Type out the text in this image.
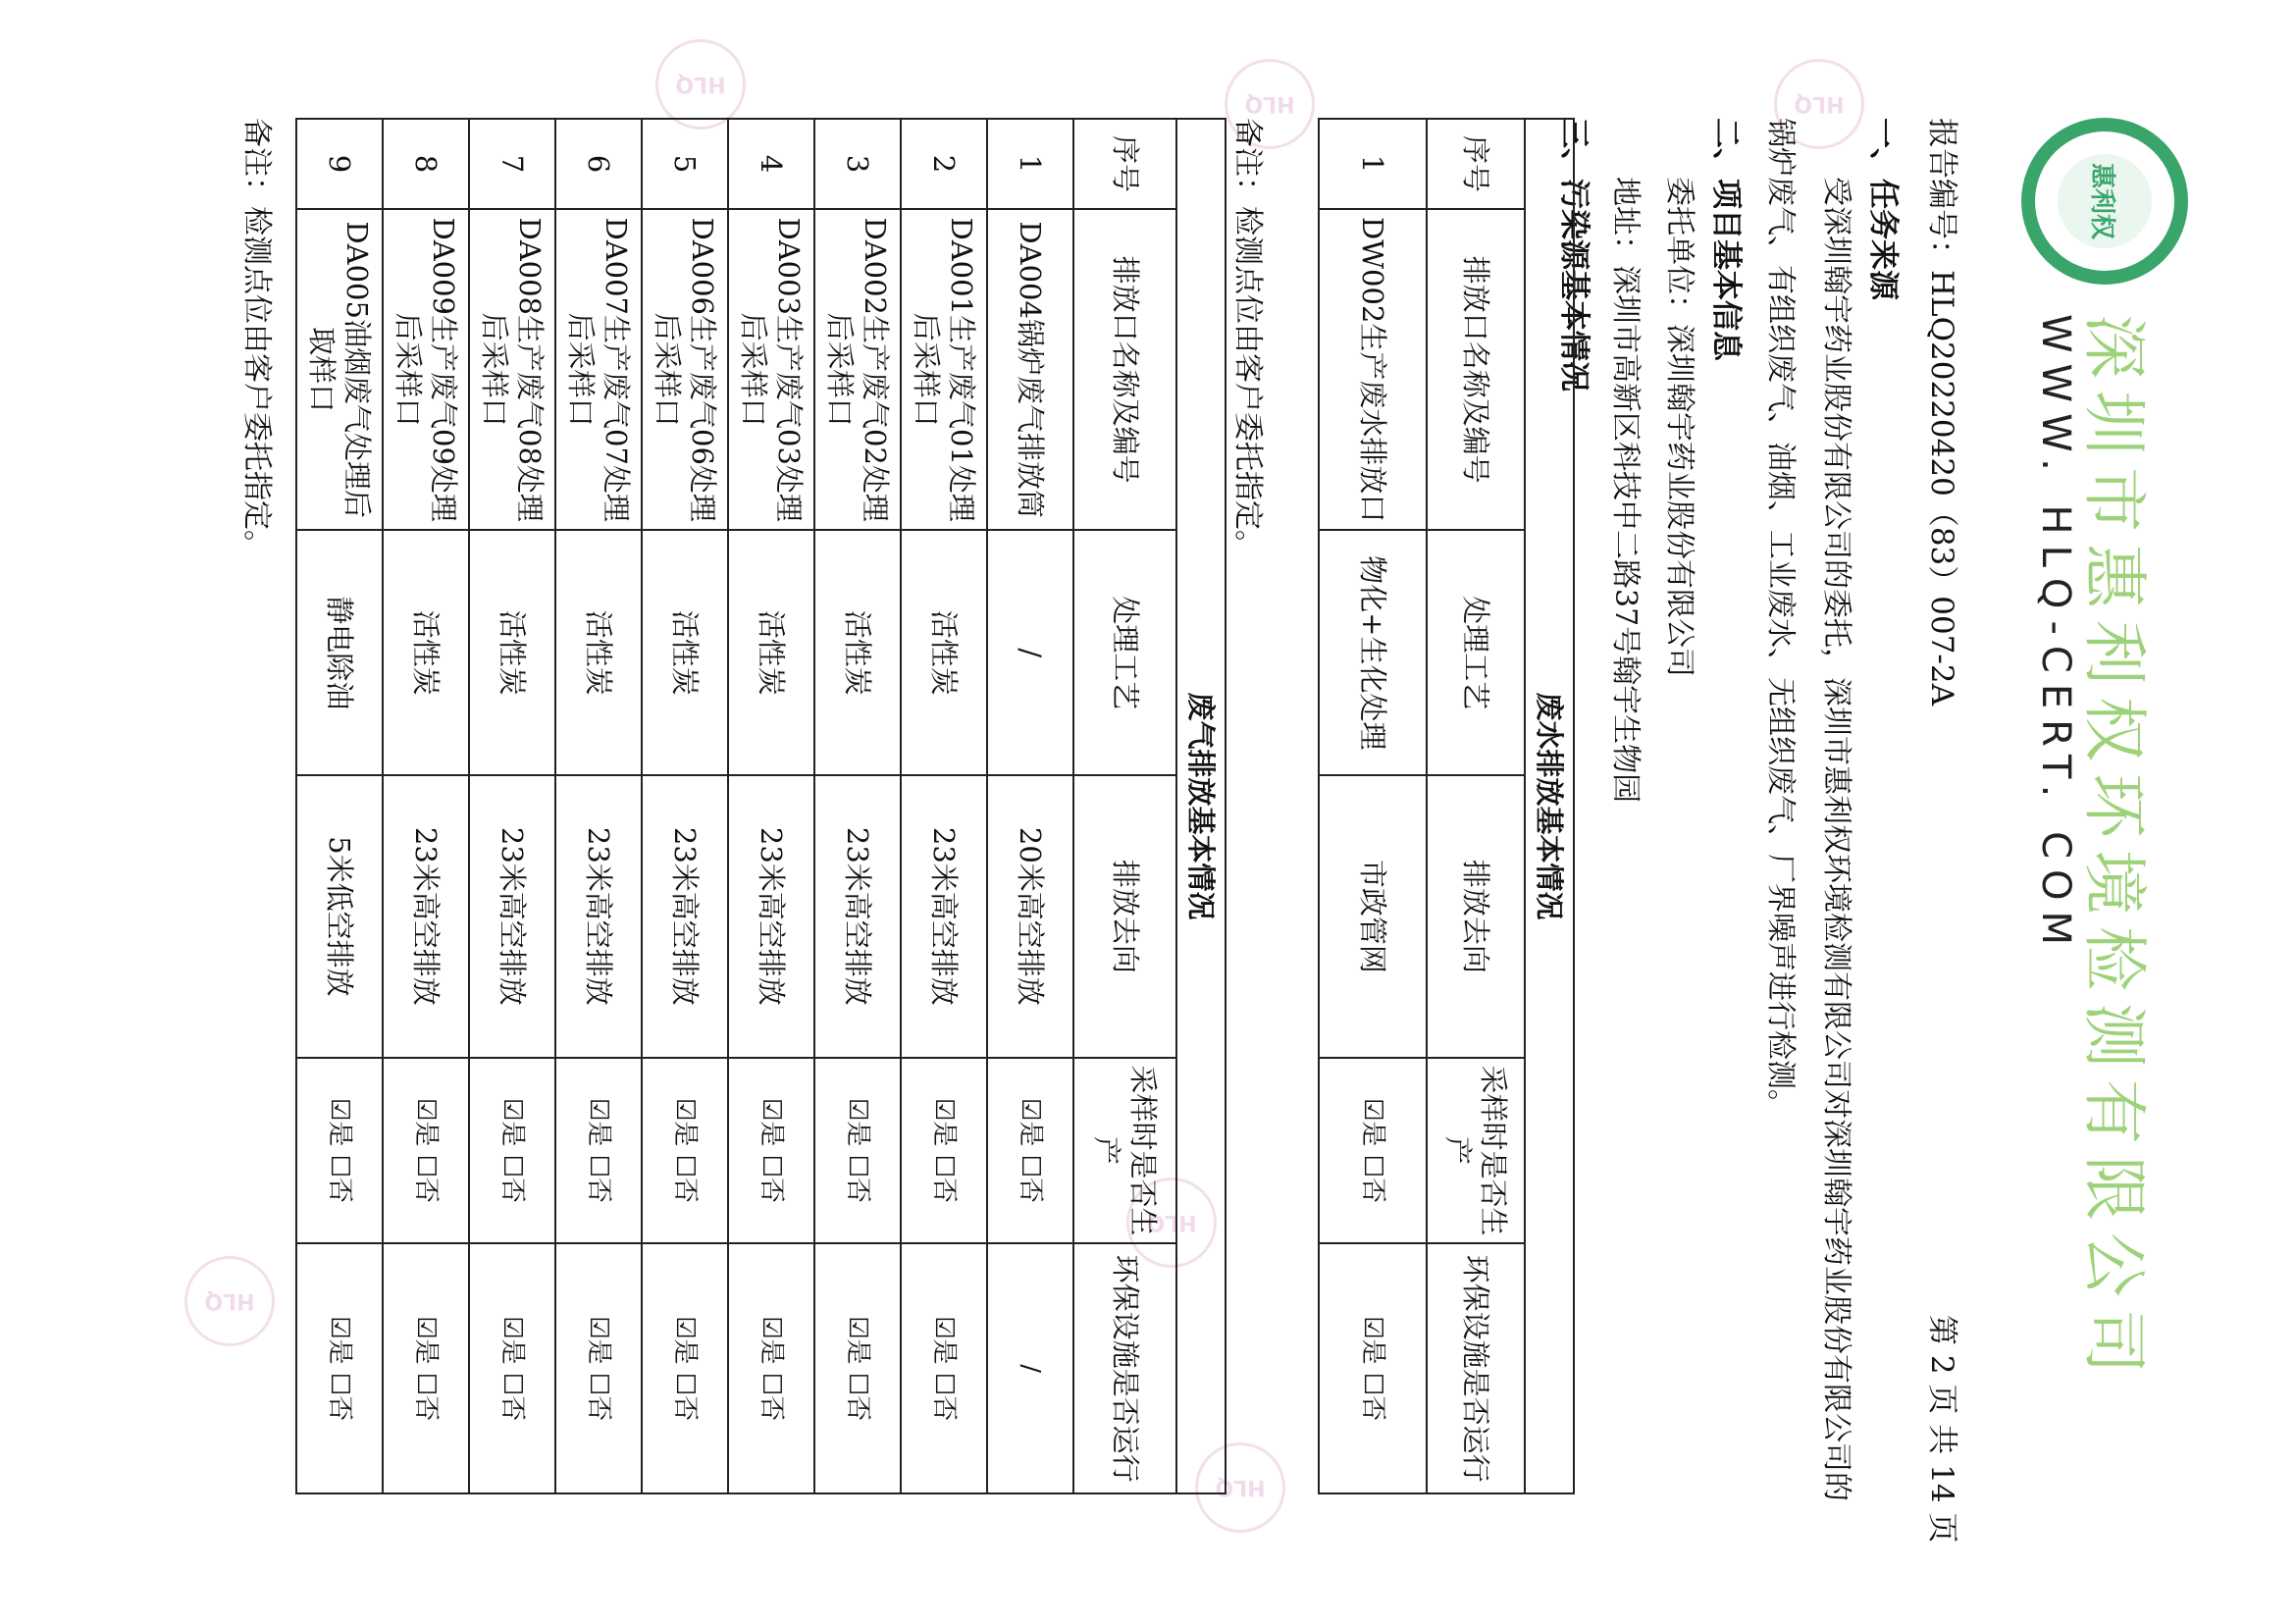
HLQ
HLQ
HLQ
HLQ
HLQ
HLQ
惠利权
深圳市惠利权环境检测有限公司
WWW. HLQ-CERT. COM
报告编号：HLQ20220420（83）007-2A
第 2 页 共 14 页
一、任务来源
受深圳翰宇药业股份有限公司的委托，深圳市惠利权环境检测有限公司对深圳翰宇药业股份有限公司的锅炉废气、有组织废气、油烟、工业废水、无组织废气、厂界噪声进行检测。
二、项目基本信息
委托单位：深圳翰宇药业股份有限公司
地址：深圳市高新区科技中二路37号翰宇生物园
三、污染源基本情况
废水排放基本情况					
序号	排放口名称及编号	处理工艺	排放去向	采样时是否生产	环保设施是否运行
1	DW002生产废水排放口	物化+生化处理	市政管网	☑是 ☐否	☑是 ☐否
备注：检测点位由客户委托指定。
废气排放基本情况					
序号	排放口名称及编号	处理工艺	排放去向	采样时是否生产	环保设施是否运行
1	DA004锅炉废气排放筒	/	20米高空排放	☑是 ☐否	/
2	DA001生产废气01处理后采样口	活性炭	23米高空排放	☑是 ☐否	☑是 ☐否
3	DA002生产废气02处理后采样口	活性炭	23米高空排放	☑是 ☐否	☑是 ☐否
4	DA003生产废气03处理后采样口	活性炭	23米高空排放	☑是 ☐否	☑是 ☐否
5	DA006生产废气06处理后采样口	活性炭	23米高空排放	☑是 ☐否	☑是 ☐否
6	DA007生产废气07处理后采样口	活性炭	23米高空排放	☑是 ☐否	☑是 ☐否
7	DA008生产废气08处理后采样口	活性炭	23米高空排放	☑是 ☐否	☑是 ☐否
8	DA009生产废气09处理后采样口	活性炭	23米高空排放	☑是 ☐否	☑是 ☐否
9	DA005油烟废气处理后取样口	静电除油	5米低空排放	☑是 ☐否	☑是 ☐否
备注：检测点位由客户委托指定。
